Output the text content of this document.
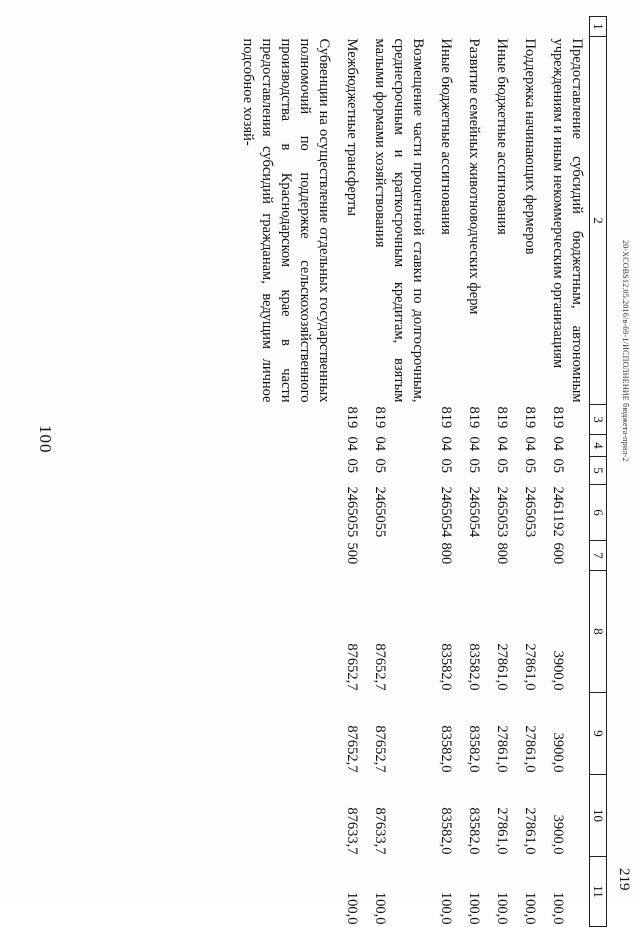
100
219
20-XCOBS12.05.2016/в-69-1/ИСПОЛНЕНИЕ бюджета-прил-2
1	2	3	4	5	6	7	8	9	10	11
	Предоставление субсидий бюджетным, автономным учреждениям и иным некоммерческим организациям	819	04	05	2461192	600	3900,0	3900,0	3900,0	100,0
	Поддержка начинающих фермеров	819	04	05	2465053		27861,0	27861,0	27861,0	100,0
	Иные бюджетные ассигнования	819	04	05	2465053	800	27861,0	27861,0	27861,0	100,0
	Развитие семейных животноводческих ферм	819	04	05	2465054		83582,0	83582,0	83582,0	100,0
	Иные бюджетные ассигнования	819	04	05	2465054	800	83582,0	83582,0	83582,0	100,0
	Возмещение части процентной ставки по долгосрочным, среднесрочным и краткосрочным кредитам, взятым малыми формами хозяйствования	819	04	05	2465055		87652,7	87652,7	87633,7	100,0
	Межбюджетные трансферты	819	04	05	2465055	500	87652,7	87652,7	87633,7	100,0
	Субвенции на осуществление отдельных государственных полномочий по поддержке сельскохозяйственного производства в Краснодарском крае в части предоставления субсидий гражданам, ведущим личное подсобное хозяй-									
